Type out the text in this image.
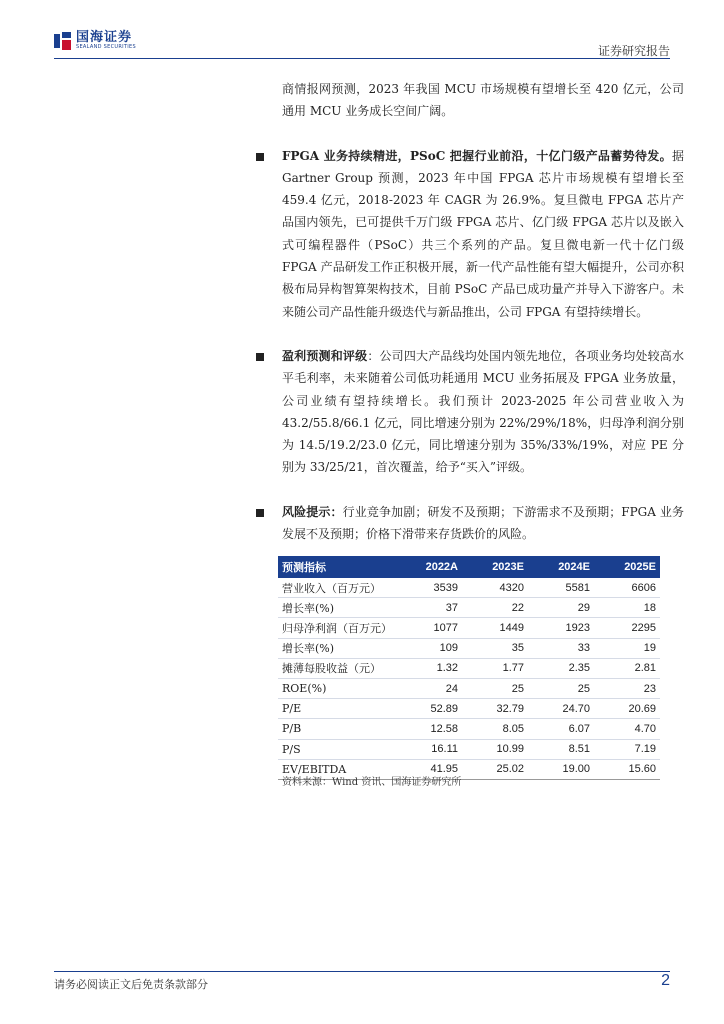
国海证券
SEALAND SECURITIES	证券研究报告

商情报网预测，2023 年我国 MCU 市场规模有望增长至 420 亿元，公司通用 MCU 业务成长空间广阔。

FPGA 业务持续精进，PSoC 把握行业前沿，十亿门级产品蓄势待发。据 Gartner Group 预测，2023 年中国 FPGA 芯片市场规模有望增长至 459.4 亿元，2018-2023 年 CAGR 为 26.9%。复旦微电 FPGA 芯片产品国内领先，已可提供千万门级 FPGA 芯片、亿门级 FPGA 芯片以及嵌入式可编程器件（PSoC）共三个系列的产品。复旦微电新一代十亿门级 FPGA 产品研发工作正积极开展，新一代产品性能有望大幅提升，公司亦积极布局异构智算架构技术，目前 PSoC 产品已成功量产并导入下游客户。未来随公司产品性能升级迭代与新品推出，公司 FPGA 有望持续增长。

盈利预测和评级：公司四大产品线均处国内领先地位，各项业务均处较高水平毛利率，未来随着公司低功耗通用 MCU 业务拓展及 FPGA 业务放量，公司业绩有望持续增长。我们预计 2023-2025 年公司营业收入为 43.2/55.8/66.1 亿元，同比增速分别为 22%/29%/18%，归母净利润分别为 14.5/19.2/23.0 亿元，同比增速分别为 35%/33%/19%，对应 PE 分别为 33/25/21，首次覆盖，给予“买入”评级。

风险提示：行业竞争加剧；研发不及预期；下游需求不及预期；FPGA 业务发展不及预期；价格下滑带来存货跌价的风险。

预测指标	2022A	2023E	2024E	2025E
营业收入（百万元）	3539	4320	5581	6606
增长率(%)	37	22	29	18
归母净利润（百万元）	1077	1449	1923	2295
增长率(%)	109	35	33	19
摊薄每股收益（元）	1.32	1.77	2.35	2.81
ROE(%)	24	25	25	23
P/E	52.89	32.79	24.70	20.69
P/B	12.58	8.05	6.07	4.70
P/S	16.11	10.99	8.51	7.19
EV/EBITDA	41.95	25.02	19.00	15.60
资料来源：Wind 资讯、国海证券研究所
请务必阅读正文后免责条款部分	2
